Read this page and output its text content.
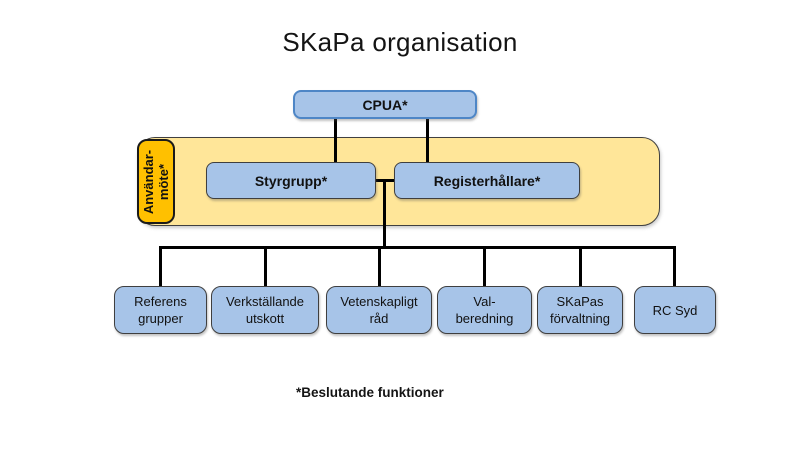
SKaPa organisation
Användar- möte*
CPUA*
Styrgrupp*	Registerhållare*
Referens
grupper
Verkställande
utskott
Vetenskapligt
råd
Val-
beredning
SKaPas
förvaltning
RC Syd
*Beslutande funktioner
